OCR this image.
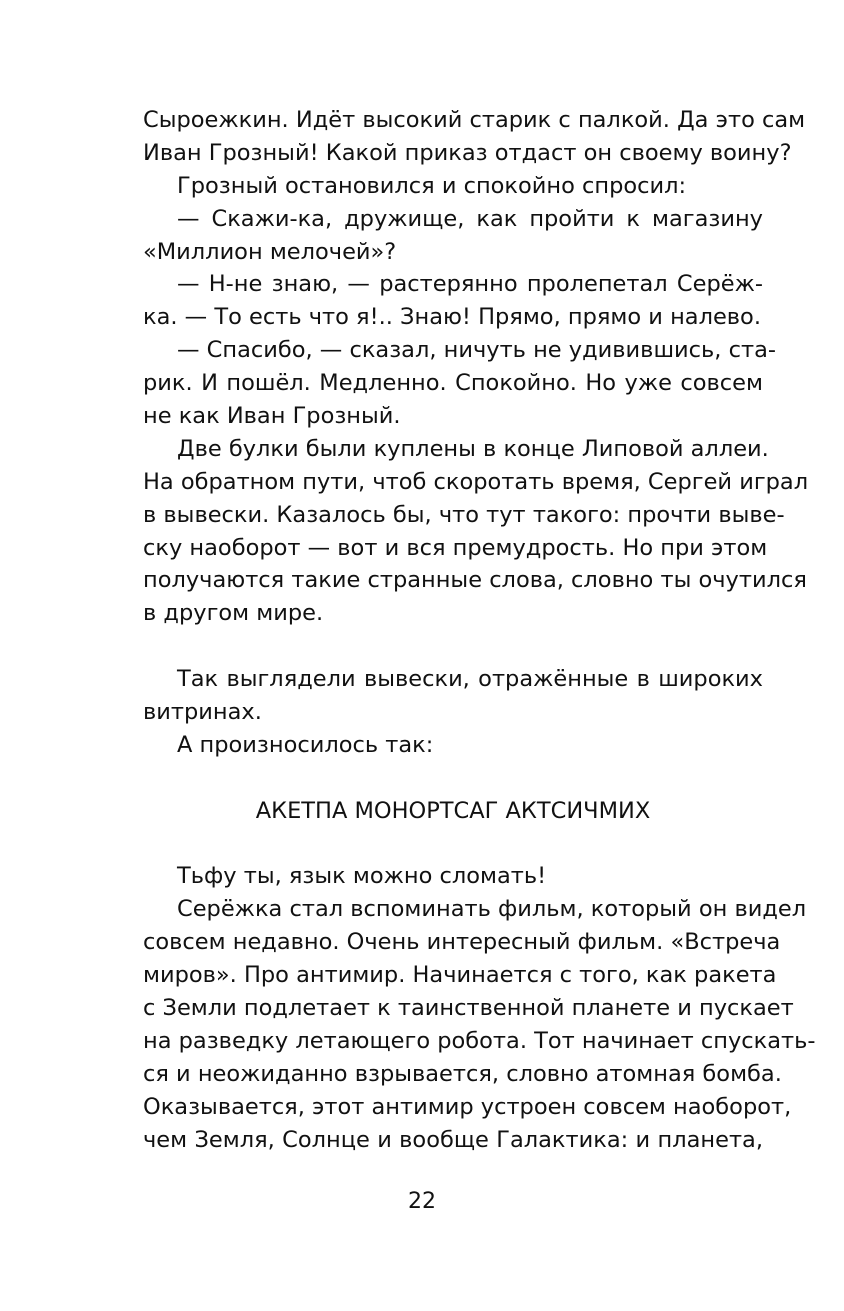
Сыроежкин. Идёт высокий старик с палкой. Да это сам
Иван Грозный! Какой приказ отдаст он своему воину?
Грозный остановился и спокойно спросил:
— Скажи-ка, дружище, как пройти к магазину
«Миллион мелочей»?
— Н-не знаю, — растерянно пролепетал Серёж-
ка. — То есть что я!.. Знаю! Прямо, прямо и налево.
— Спасибо, — сказал, ничуть не удивившись, ста-
рик. И пошёл. Медленно. Спокойно. Но уже совсем
не как Иван Грозный.
Две булки были куплены в конце Липовой аллеи.
На обратном пути, чтоб скоротать время, Сергей играл
в вывески. Казалось бы, что тут такого: прочти выве-
ску наоборот — вот и вся премудрость. Но при этом
получаются такие странные слова, словно ты очутился
в другом мире.
Так выглядели вывески, отражённые в широких
витринах.
А произносилось так:
АКЕТПА МОНОРТСАГ АКТСИЧМИХ
Тьфу ты, язык можно сломать!
Серёжка стал вспоминать фильм, который он видел
совсем недавно. Очень интересный фильм. «Встреча
миров». Про антимир. Начинается с того, как ракета
с Земли подлетает к таинственной планете и пускает
на разведку летающего робота. Тот начинает спускать-
ся и неожиданно взрывается, словно атомная бомба.
Оказывается, этот антимир устроен совсем наоборот,
чем Земля, Солнце и вообще Галактика: и планета,
22
